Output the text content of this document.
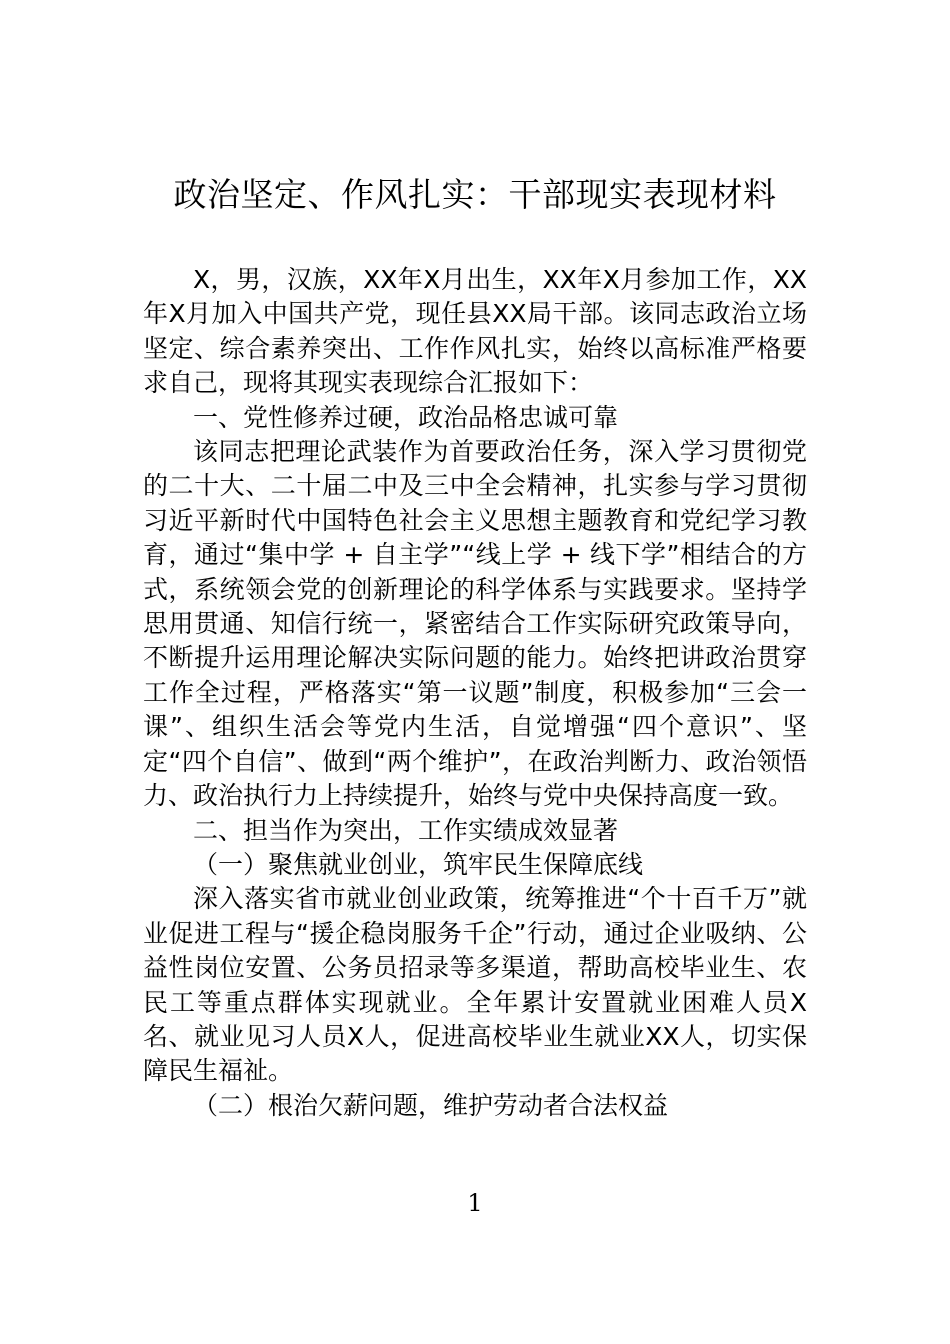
政治坚定、作风扎实：干部现实表现材料

X，男，汉族，XX年X月出生，XX年X月参加工作，XX年X月加入中国共产党，现任县XX局干部。该同志政治立场坚定、综合素养突出、工作作风扎实，始终以高标准严格要求自己，现将其现实表现综合汇报如下：

一、党性修养过硬，政治品格忠诚可靠

该同志把理论武装作为首要政治任务，深入学习贯彻党的二十大、二十届二中及三中全会精神，扎实参与学习贯彻习近平新时代中国特色社会主义思想主题教育和党纪学习教育，通过“集中学 + 自主学”“线上学 + 线下学”相结合的方式，系统领会党的创新理论的科学体系与实践要求。坚持学思用贯通、知信行统一，紧密结合工作实际研究政策导向，不断提升运用理论解决实际问题的能力。始终把讲政治贯穿工作全过程，严格落实“第一议题”制度，积极参加“三会一课”、组织生活会等党内生活，自觉增强“四个意识”、坚定“四个自信”、做到“两个维护”，在政治判断力、政治领悟力、政治执行力上持续提升，始终与党中央保持高度一致。

二、担当作为突出，工作实绩成效显著

（一）聚焦就业创业，筑牢民生保障底线

深入落实省市就业创业政策，统筹推进“个十百千万”就业促进工程与“援企稳岗服务千企”行动，通过企业吸纳、公益性岗位安置、公务员招录等多渠道，帮助高校毕业生、农民工等重点群体实现就业。全年累计安置就业困难人员X名、就业见习人员X人，促进高校毕业生就业XX人，切实保障民生福祉。

（二）根治欠薪问题，维护劳动者合法权益

1
